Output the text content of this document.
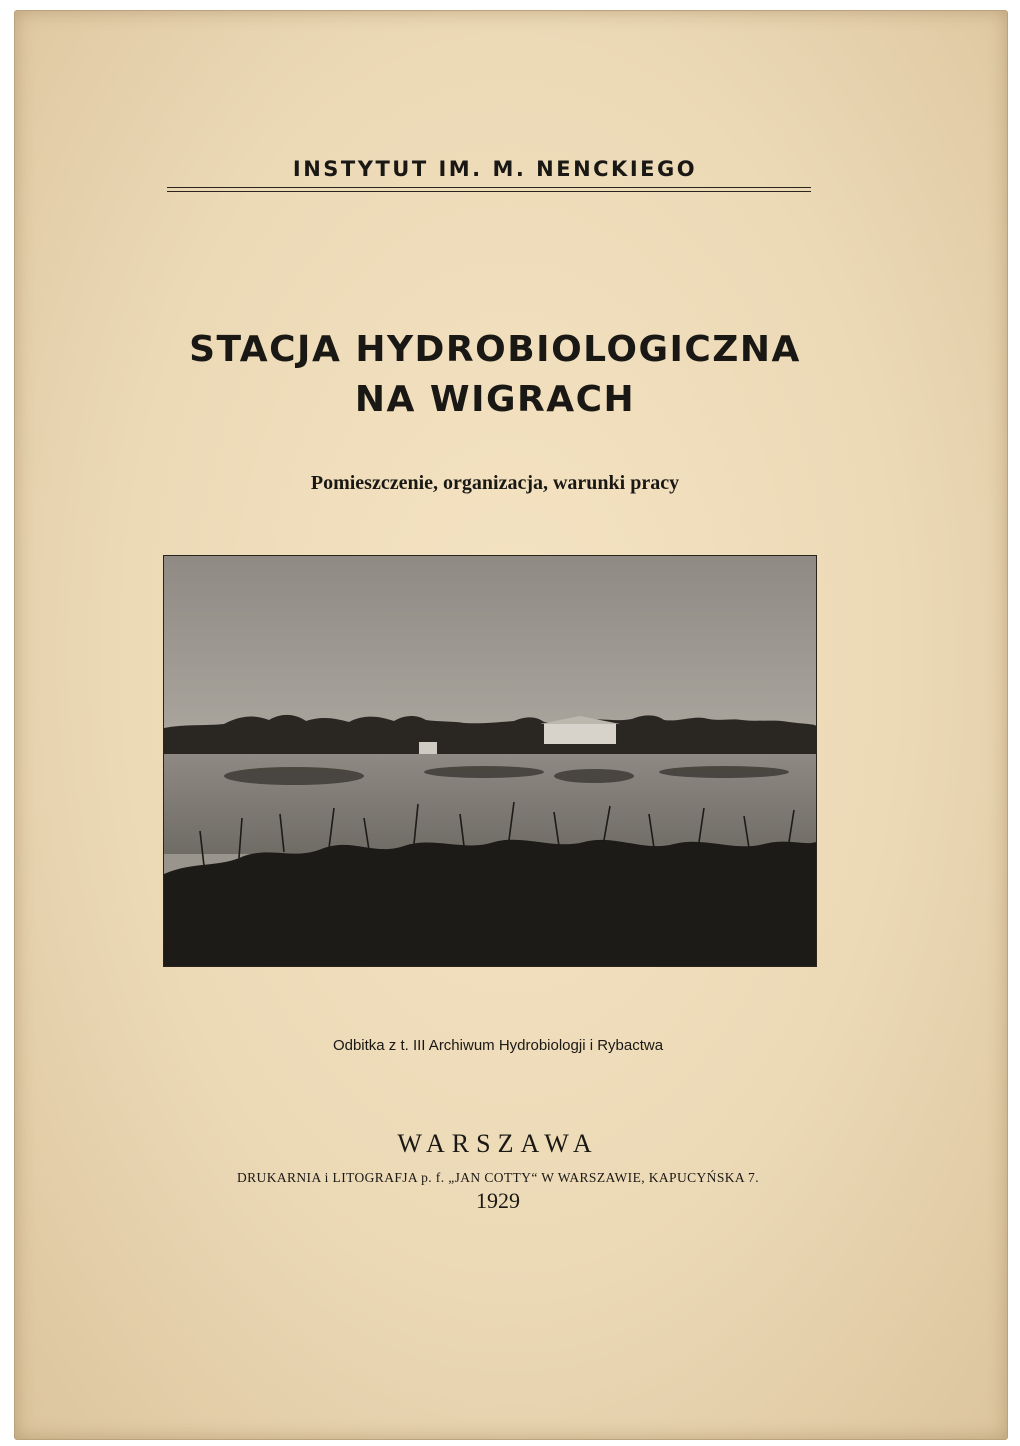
INSTYTUT IM. M. NENCKIEGO
STACJA HYDROBIOLOGICZNA
NA WIGRACH
Pomieszczenie, organizacja, warunki pracy
Odbitka z t. III Archiwum Hydrobiologji i Rybactwa
WARSZAWA
DRUKARNIA i LITOGRAFJA p. f. „JAN COTTY“ W WARSZAWIE, KAPUCYŃSKA 7.
1929
